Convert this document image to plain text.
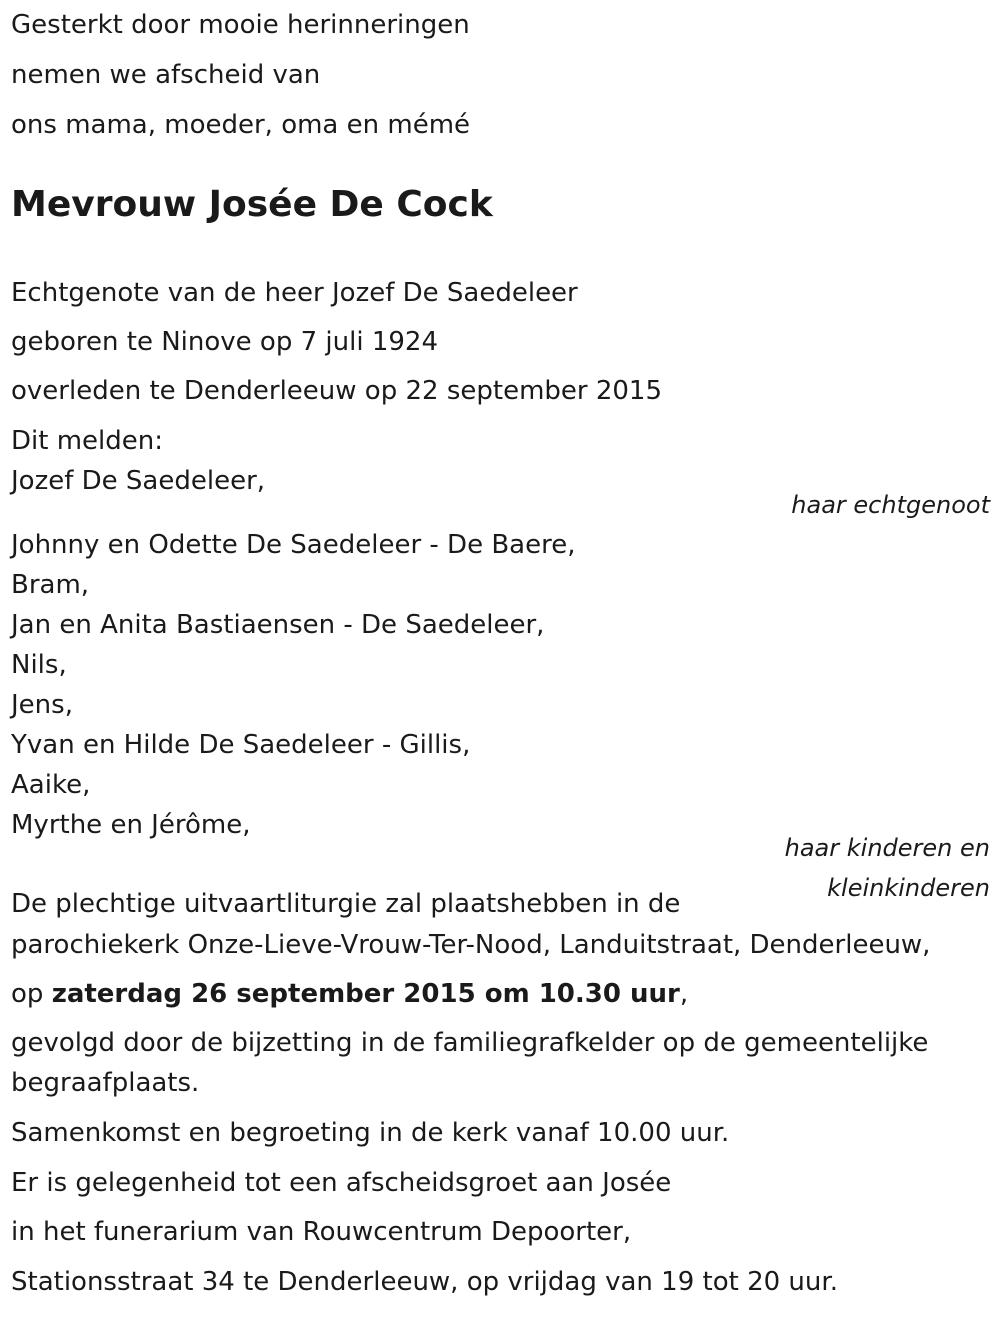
Gesterkt door mooie herinneringen
nemen we afscheid van
ons mama, moeder, oma en mémé
Mevrouw Josée De Cock
Echtgenote van de heer Jozef De Saedeleer
geboren te Ninove op 7 juli 1924
overleden te Denderleeuw op 22 september 2015
Dit melden:
Jozef De Saedeleer,
haar echtgenoot
Johnny en Odette De Saedeleer - De Baere,
Bram,
Jan en Anita Bastiaensen - De Saedeleer,
Nils,
Jens,
Yvan en Hilde De Saedeleer - Gillis,
Aaike,
Myrthe en Jérôme,
haar kinderen en
kleinkinderen
De plechtige uitvaartliturgie zal plaatshebben in de
parochiekerk Onze-Lieve-Vrouw-Ter-Nood, Landuitstraat, Denderleeuw,
op zaterdag 26 september 2015 om 10.30 uur,
gevolgd door de bijzetting in de familiegrafkelder op de gemeentelijke
begraafplaats.
Samenkomst en begroeting in de kerk vanaf 10.00 uur.
Er is gelegenheid tot een afscheidsgroet aan Josée
in het funerarium van Rouwcentrum Depoorter,
Stationsstraat 34 te Denderleeuw, op vrijdag van 19 tot 20 uur.
